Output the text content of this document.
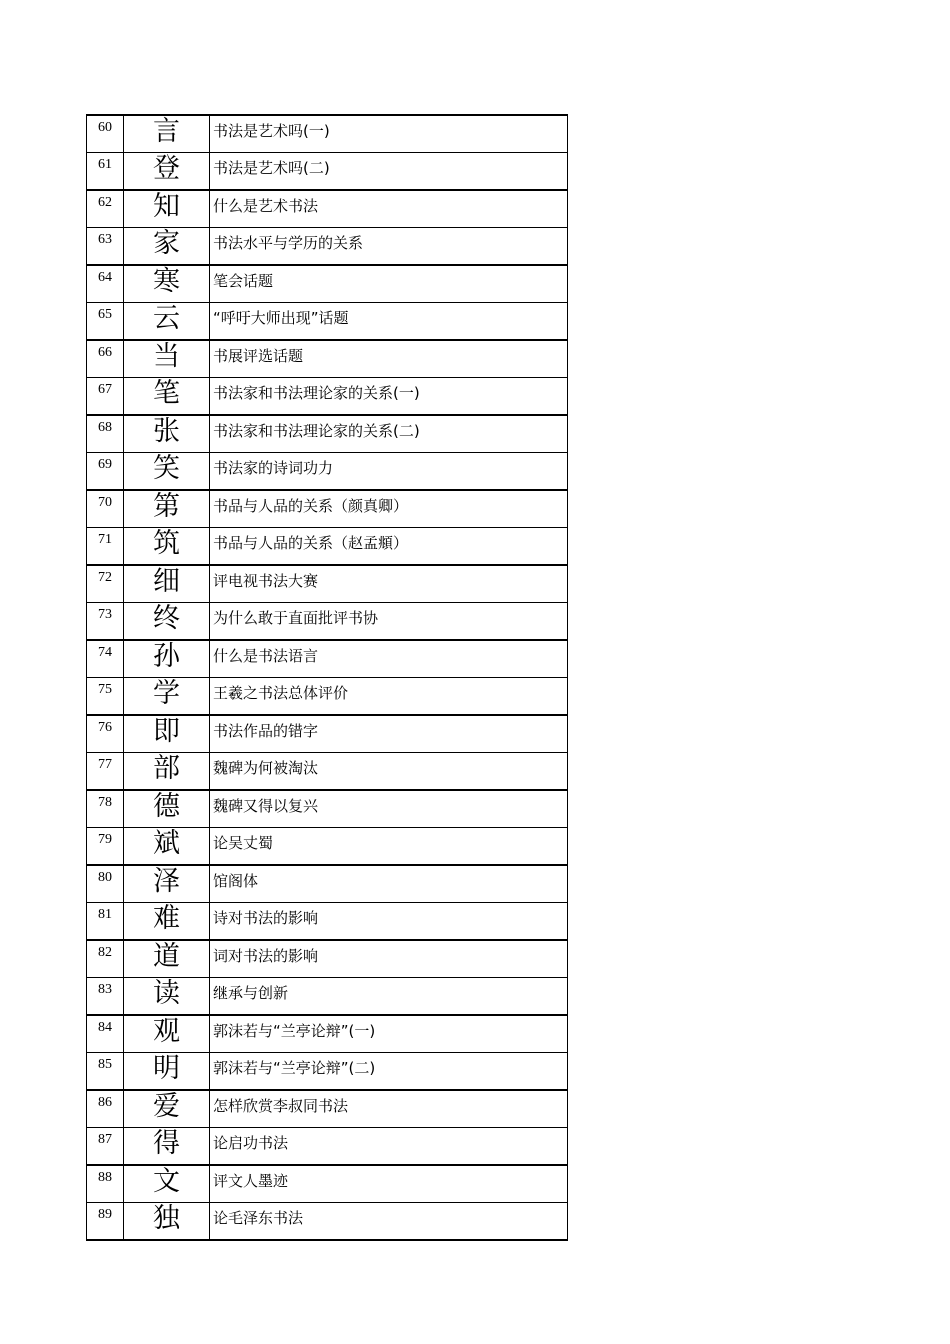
60	言	书法是艺术吗(一)
61	登	书法是艺术吗(二)
62	知	什么是艺术书法
63	家	书法水平与学历的关系
64	寒	笔会话题
65	云	“呼吁大师出现”话题
66	当	书展评选话题
67	笔	书法家和书法理论家的关系(一)
68	张	书法家和书法理论家的关系(二)
69	笑	书法家的诗词功力
70	第	书品与人品的关系（颜真卿）
71	筑	书品与人品的关系（赵孟頫）
72	细	评电视书法大赛
73	终	为什么敢于直面批评书协
74	孙	什么是书法语言
75	学	王羲之书法总体评价
76	即	书法作品的错字
77	部	魏碑为何被淘汰
78	德	魏碑又得以复兴
79	斌	论吴丈蜀
80	泽	馆阁体
81	难	诗对书法的影响
82	道	词对书法的影响
83	读	继承与创新
84	观	郭沫若与“兰亭论辩”(一)
85	明	郭沫若与“兰亭论辩”(二)
86	爱	怎样欣赏李叔同书法
87	得	论启功书法
88	文	评文人墨迹
89	独	论毛泽东书法
